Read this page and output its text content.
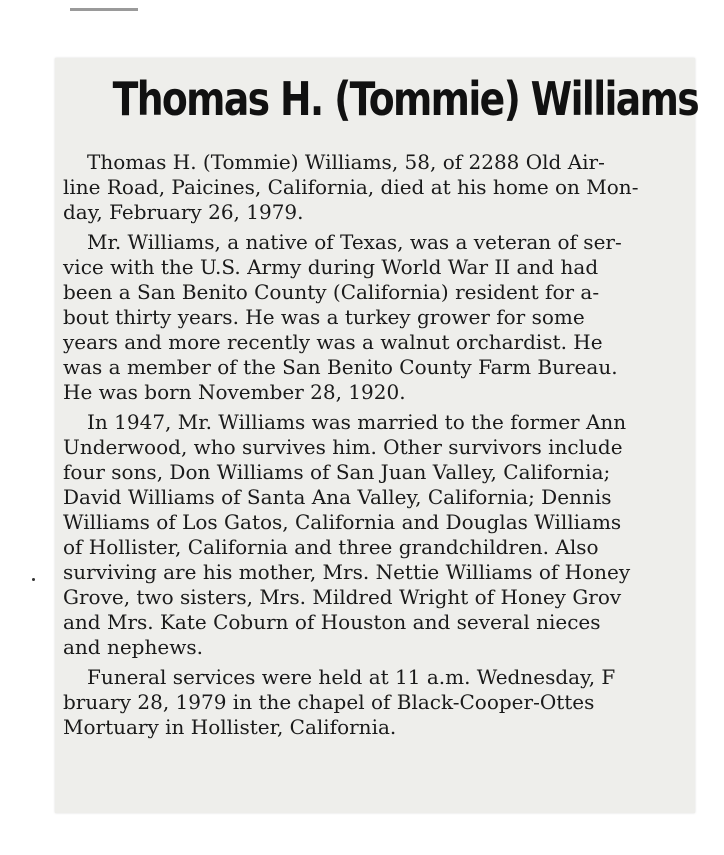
Thomas H. (Tommie) Williams

Thomas H. (Tommie) Williams, 58, of 2288 Old Air-
line Road, Paicines, California, died at his home on Mon-
day, February 26, 1979.

Mr. Williams, a native of Texas, was a veteran of ser-
vice with the U.S. Army during World War II and had
been a San Benito County (California) resident for a-
bout thirty years. He was a turkey grower for some
years and more recently was a walnut orchardist. He
was a member of the San Benito County Farm Bureau.
He was born November 28, 1920.

In 1947, Mr. Williams was married to the former Ann
Underwood, who survives him. Other survivors include
four sons, Don Williams of San Juan Valley, California;
David Williams of Santa Ana Valley, California; Dennis
Williams of Los Gatos, California and Douglas Williams
of Hollister, California and three grandchildren. Also
surviving are his mother, Mrs. Nettie Williams of Honey
Grove, two sisters, Mrs. Mildred Wright of Honey Grov
and Mrs. Kate Coburn of Houston and several nieces
and nephews.

Funeral services were held at 11 a.m. Wednesday, F
bruary 28, 1979 in the chapel of Black-Cooper-Ottes
Mortuary in Hollister, California.
